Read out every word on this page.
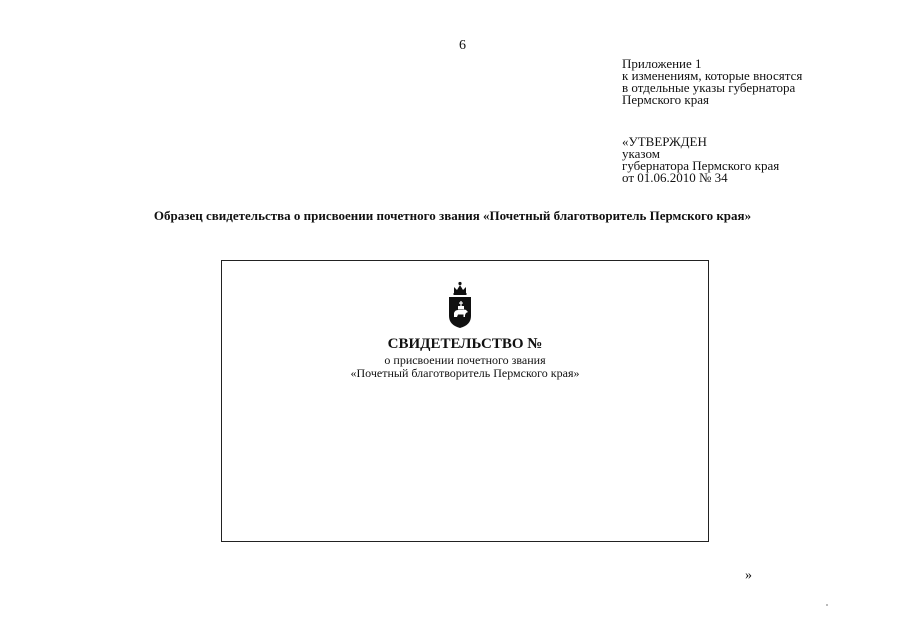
6
Приложение 1
к изменениям, которые вносятся
в отдельные указы губернатора
Пермского края
«УТВЕРЖДЕН
указом
губернатора Пермского края
от 01.06.2010 № 34
Образец свидетельства о присвоении почетного звания «Почетный благотворитель Пермского края»
СВИДЕТЕЛЬСТВО №
о присвоении почетного звания
«Почетный благотворитель Пермского края»
»
